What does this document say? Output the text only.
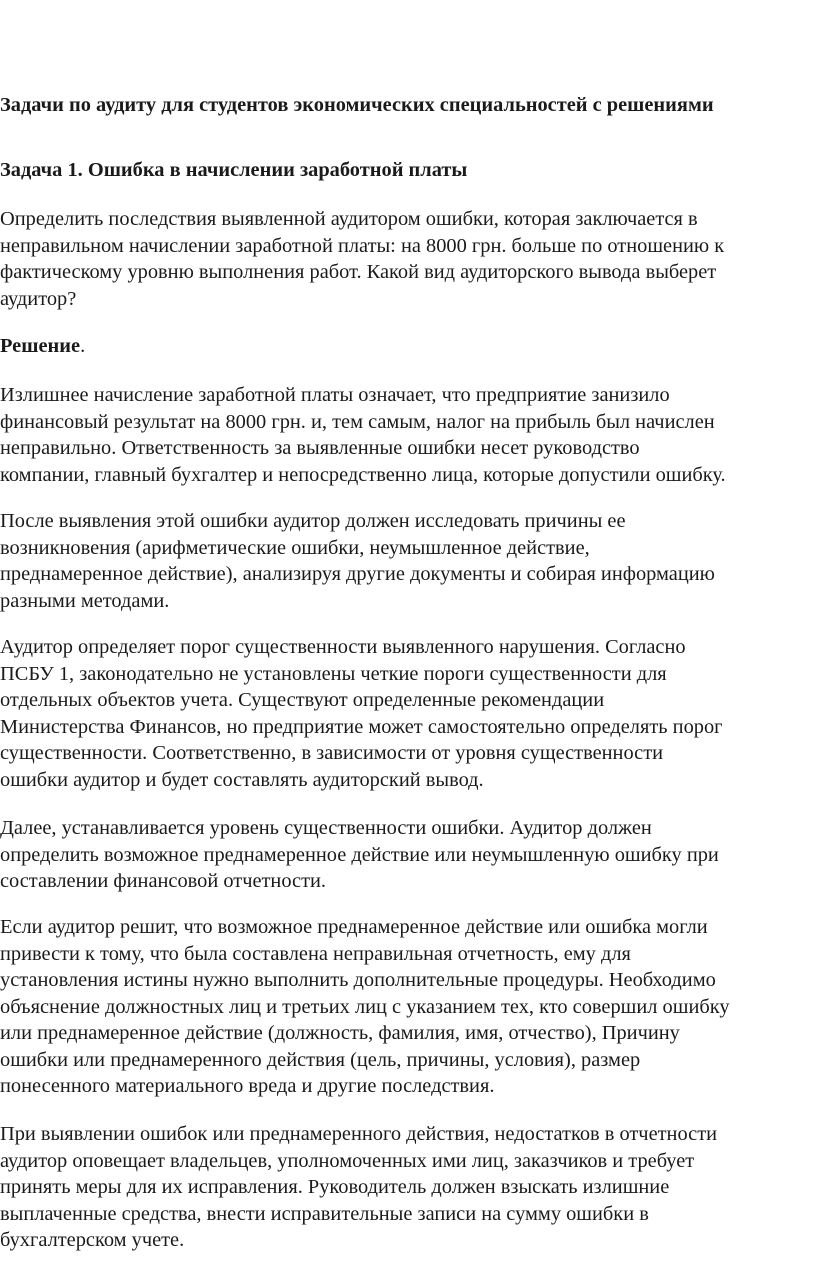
Задачи по аудиту для студентов экономических специальностей с решениями
Задача 1. Ошибка в начислении заработной платы

Определить последствия выявленной аудитором ошибки, которая заключается в
неправильном начислении заработной платы: на 8000 грн. больше по отношению к
фактическому уровню выполнения работ. Какой вид аудиторского вывода выберет
аудитор?

Решение.

Излишнее начисление заработной платы означает, что предприятие занизило
финансовый результат на 8000 грн. и, тем самым, налог на прибыль был начислен
неправильно. Ответственность за выявленные ошибки несет руководство
компании, главный бухгалтер и непосредственно лица, которые допустили ошибку.

После выявления этой ошибки аудитор должен исследовать причины ее
возникновения (арифметические ошибки, неумышленное действие,
преднамеренное действие), анализируя другие документы и собирая информацию
разными методами.

Аудитор определяет порог существенности выявленного нарушения. Согласно
ПСБУ 1, законодательно не установлены четкие пороги существенности для
отдельных объектов учета. Существуют определенные рекомендации
Министерства Финансов, но предприятие может самостоятельно определять порог
существенности. Соответственно, в зависимости от уровня существенности
ошибки аудитор и будет составлять аудиторский вывод.

Далее, устанавливается уровень существенности ошибки. Аудитор должен
определить возможное преднамеренное действие или неумышленную ошибку при
составлении финансовой отчетности.

Если аудитор решит, что возможное преднамеренное действие или ошибка могли
привести к тому, что была составлена неправильная отчетность, ему для
установления истины нужно выполнить дополнительные процедуры. Необходимо
объяснение должностных лиц и третьих лиц с указанием тех, кто совершил ошибку
или преднамеренное действие (должность, фамилия, имя, отчество), Причину
ошибки или преднамеренного действия (цель, причины, условия), размер
понесенного материального вреда и другие последствия.

При выявлении ошибок или преднамеренного действия, недостатков в отчетности
аудитор оповещает владельцев, уполномоченных ими лиц, заказчиков и требует
принять меры для их исправления. Руководитель должен взыскать излишние
выплаченные средства, внести исправительные записи на сумму ошибки в
бухгалтерском учете.
